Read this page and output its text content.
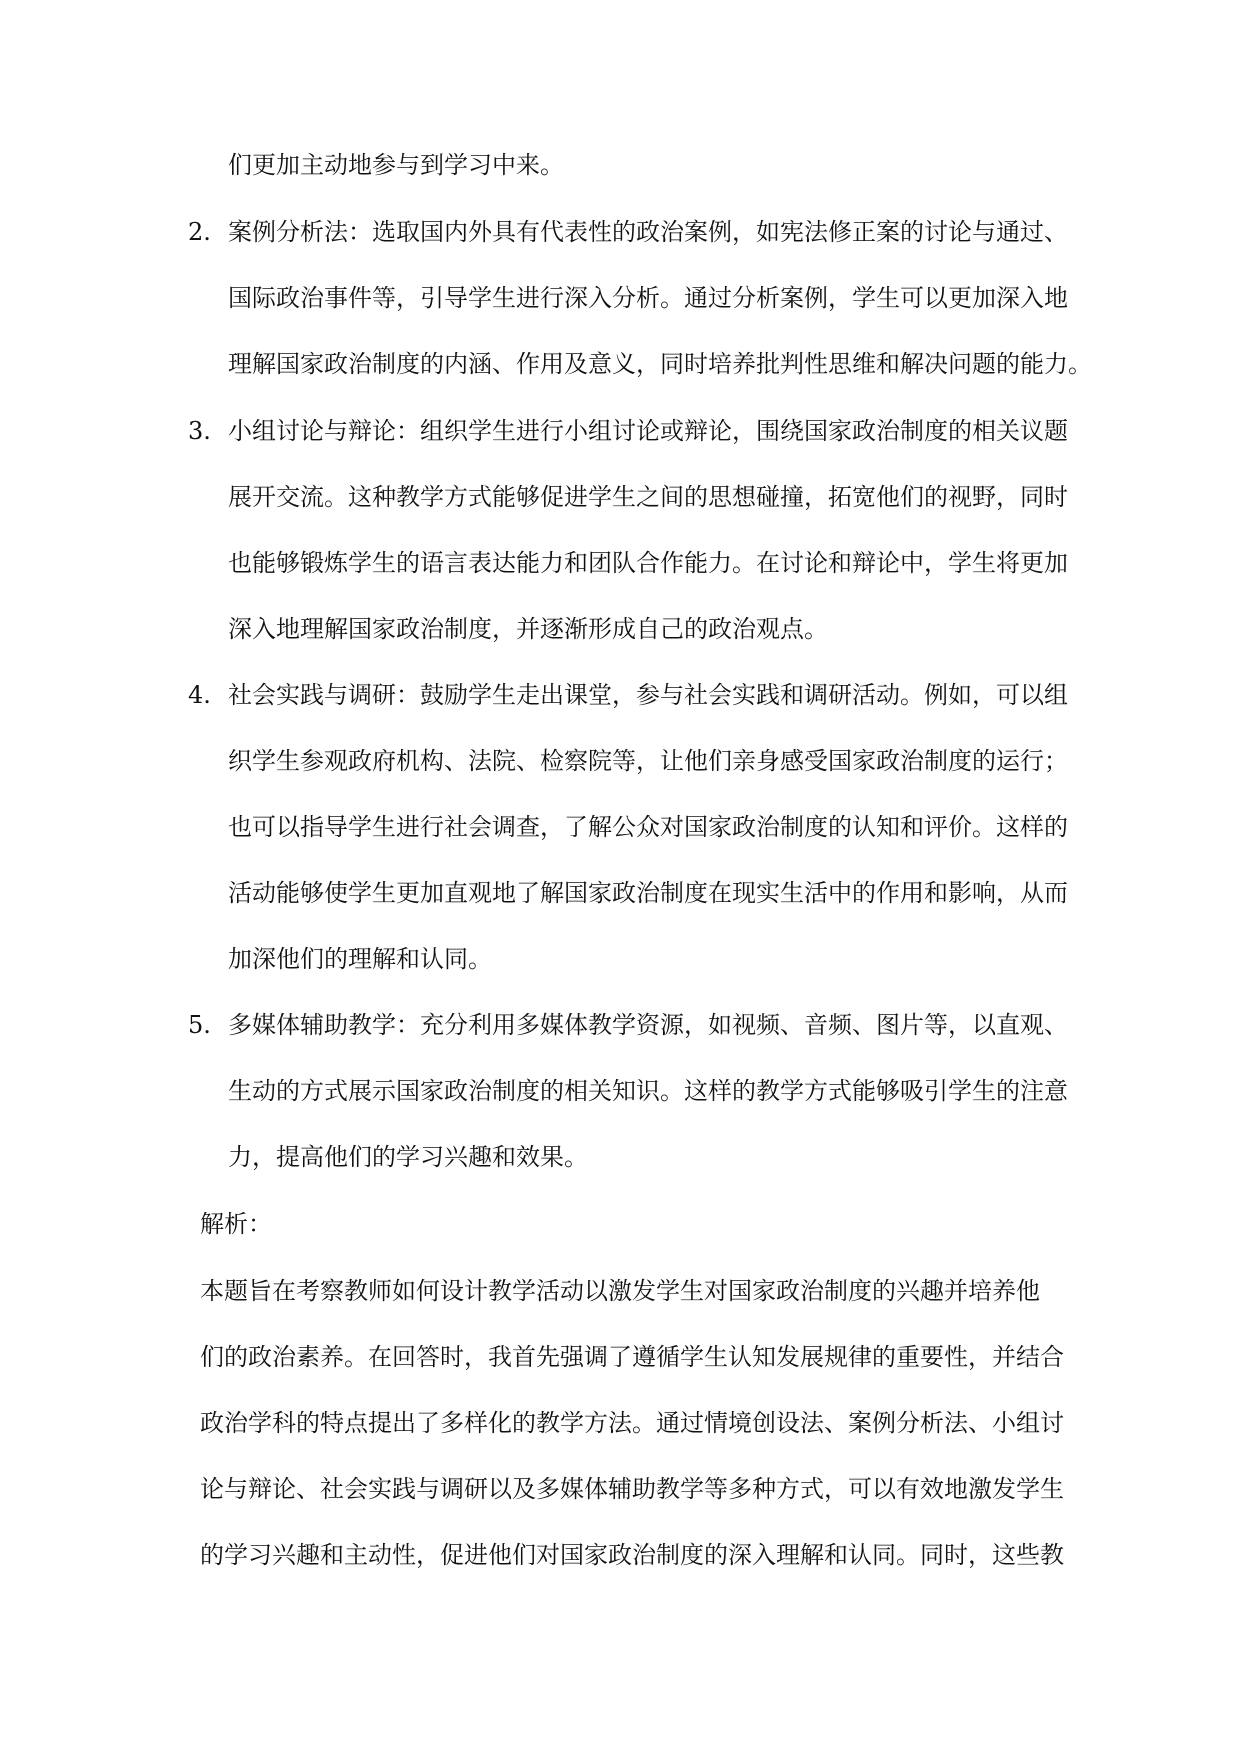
们更加主动地参与到学习中来。
2. 案例分析法：选取国内外具有代表性的政治案例，如宪法修正案的讨论与通过、
国际政治事件等，引导学生进行深入分析。通过分析案例，学生可以更加深入地
理解国家政治制度的内涵、作用及意义，同时培养批判性思维和解决问题的能力。
3. 小组讨论与辩论：组织学生进行小组讨论或辩论，围绕国家政治制度的相关议题
展开交流。这种教学方式能够促进学生之间的思想碰撞，拓宽他们的视野，同时
也能够锻炼学生的语言表达能力和团队合作能力。在讨论和辩论中，学生将更加
深入地理解国家政治制度，并逐渐形成自己的政治观点。
4. 社会实践与调研：鼓励学生走出课堂，参与社会实践和调研活动。例如，可以组
织学生参观政府机构、法院、检察院等，让他们亲身感受国家政治制度的运行；
也可以指导学生进行社会调查，了解公众对国家政治制度的认知和评价。这样的
活动能够使学生更加直观地了解国家政治制度在现实生活中的作用和影响，从而
加深他们的理解和认同。
5. 多媒体辅助教学：充分利用多媒体教学资源，如视频、音频、图片等，以直观、
生动的方式展示国家政治制度的相关知识。这样的教学方式能够吸引学生的注意
力，提高他们的学习兴趣和效果。
解析：
本题旨在考察教师如何设计教学活动以激发学生对国家政治制度的兴趣并培养他
们的政治素养。在回答时，我首先强调了遵循学生认知发展规律的重要性，并结合
政治学科的特点提出了多样化的教学方法。通过情境创设法、案例分析法、小组讨
论与辩论、社会实践与调研以及多媒体辅助教学等多种方式，可以有效地激发学生
的学习兴趣和主动性，促进他们对国家政治制度的深入理解和认同。同时，这些教
